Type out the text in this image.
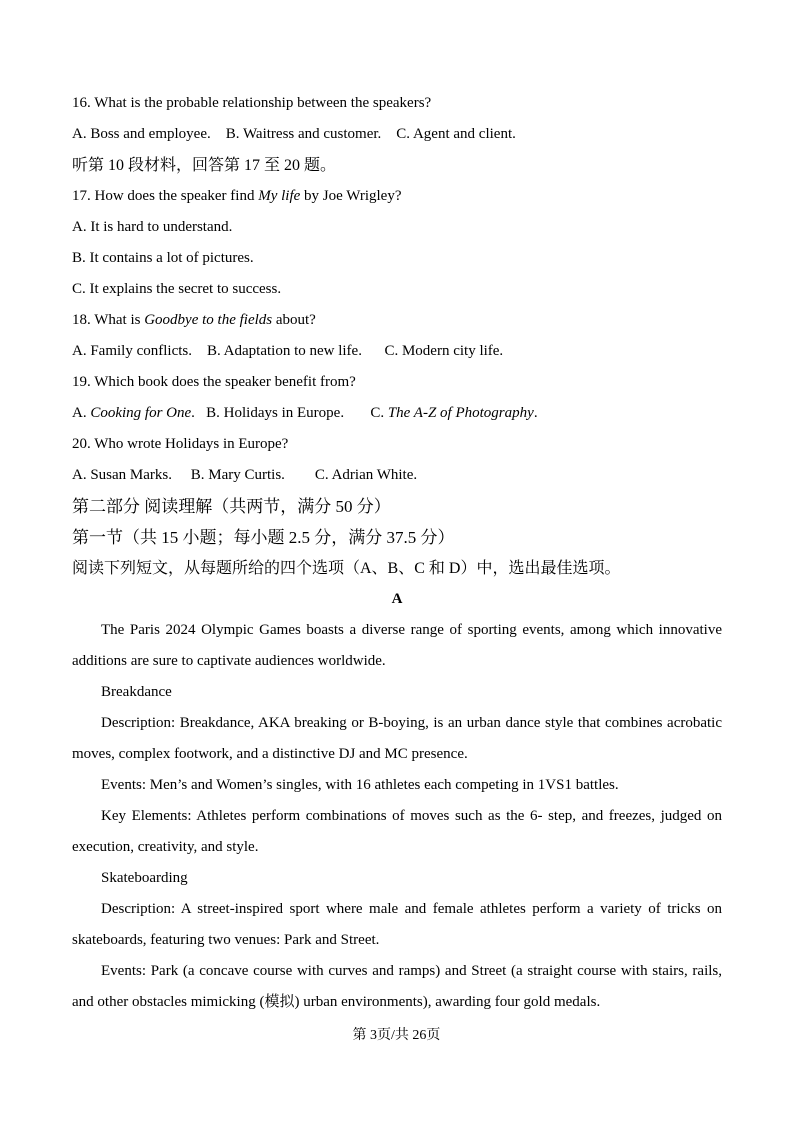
16. What is the probable relationship between the speakers?

A. Boss and employee.    B. Waitress and customer.    C. Agent and client.

听第 10 段材料，回答第 17 至 20 题。

17. How does the speaker find My life by Joe Wrigley?

A. It is hard to understand.

B. It contains a lot of pictures.

C. It explains the secret to success.

18. What is Goodbye to the fields about?

A. Family conflicts.    B. Adaptation to new life.      C. Modern city life.

19. Which book does the speaker benefit from?

A. Cooking for One.   B. Holidays in Europe.       C. The A-Z of Photography.

20. Who wrote Holidays in Europe?

A. Susan Marks.     B. Mary Curtis.        C. Adrian White.

第二部分 阅读理解（共两节，满分 50 分）

第一节（共 15 小题；每小题 2.5 分，满分 37.5 分）

阅读下列短文，从每题所给的四个选项（A、B、C 和 D）中，选出最佳选项。

A

The Paris 2024 Olympic Games boasts a diverse range of sporting events, among which innovative additions are sure to captivate audiences worldwide.

Breakdance

Description: Breakdance, AKA breaking or B-boying, is an urban dance style that combines acrobatic moves, complex footwork, and a distinctive DJ and MC presence.

Events: Men’s and Women’s singles, with 16 athletes each competing in 1VS1 battles.

Key Elements: Athletes perform combinations of moves such as the 6- step, and freezes, judged on execution, creativity, and style.

Skateboarding

Description: A street-inspired sport where male and female athletes perform a variety of tricks on skateboards, featuring two venues: Park and Street.

Events: Park (a concave course with curves and ramps) and Street (a straight course with stairs, rails, and other obstacles mimicking (模拟) urban environments), awarding four gold medals.

第 3页/共 26页
